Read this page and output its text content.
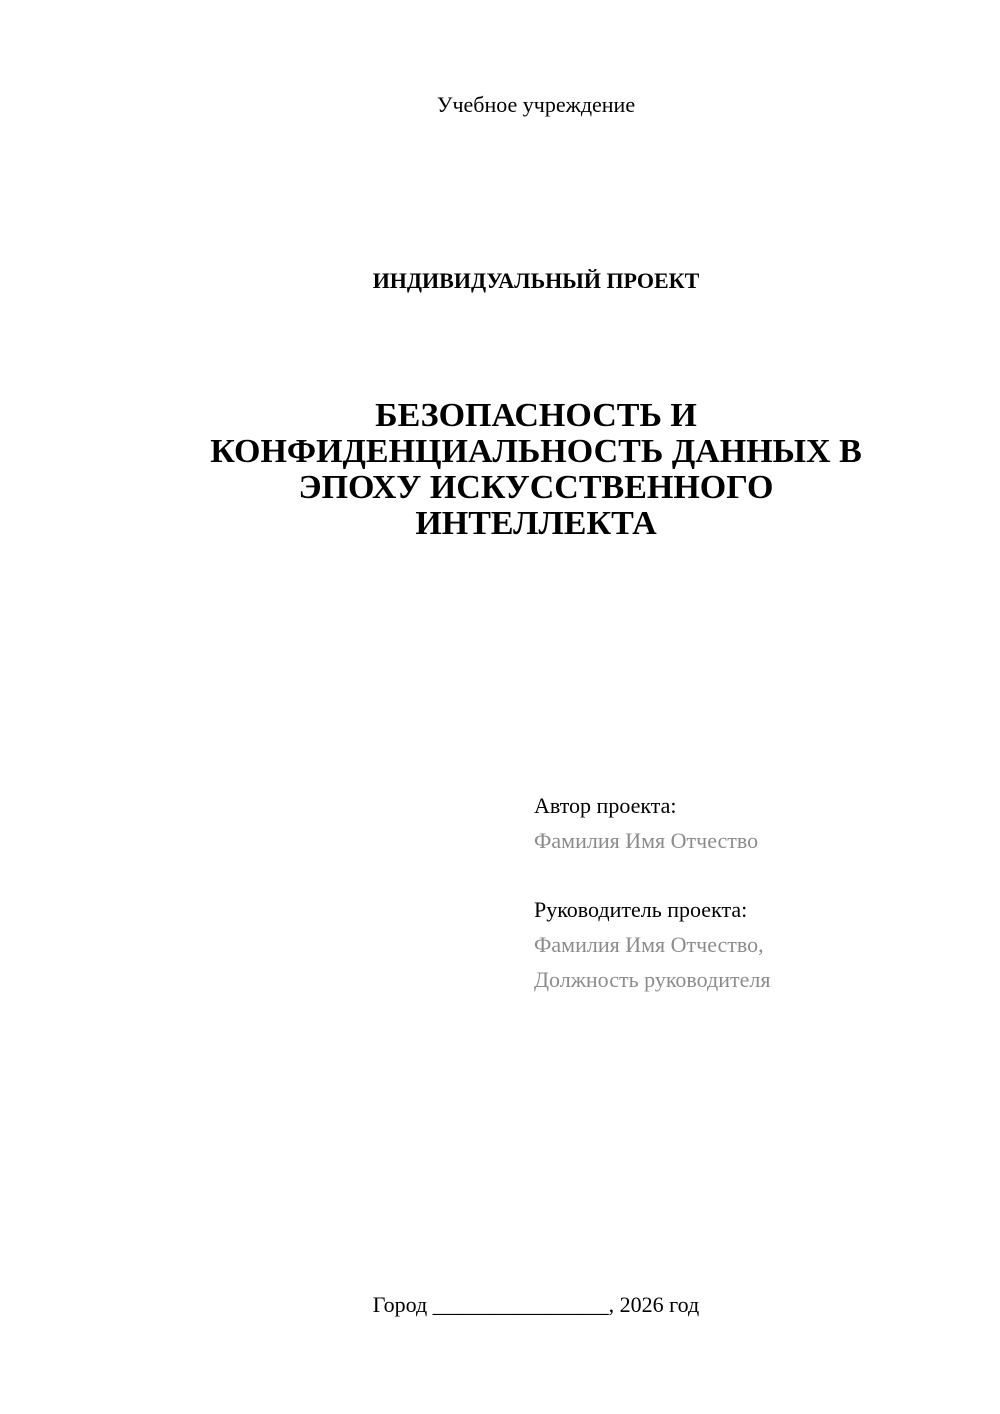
Учебное учреждение
ИНДИВИДУАЛЬНЫЙ ПРОЕКТ
БЕЗОПАСНОСТЬ И
КОНФИДЕНЦИАЛЬНОСТЬ ДАННЫХ В
ЭПОХУ ИСКУССТВЕННОГО
ИНТЕЛЛЕКТА
Автор проекта:
Фамилия Имя Отчество
Руководитель проекта:
Фамилия Имя Отчество,
Должность руководителя
Город ________________, 2026 год
